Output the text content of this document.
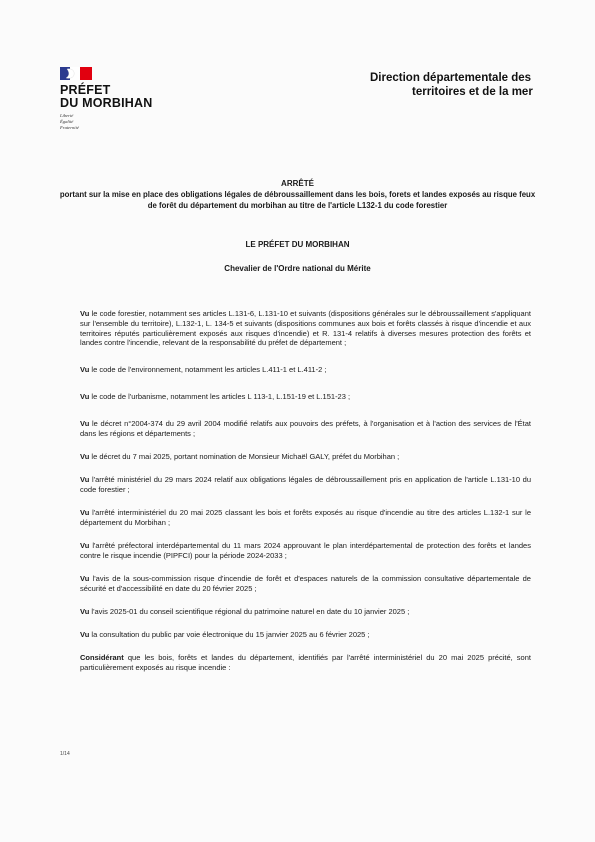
PRÉFET
DU MORBIHAN
Liberté
Égalité
Fraternité
Direction départementale des
territoires et de la mer
ARRÊTÉ
portant sur la mise en place des obligations légales de débroussaillement dans les bois, forets et landes exposés au risque feux de forêt du département du morbihan au titre de l'article L132-1 du code forestier
LE PRÉFET DU MORBIHAN
Chevalier de l'Ordre national du Mérite

Vu le code forestier, notamment ses articles L.131-6, L.131-10 et suivants (dispositions générales sur le débroussaillement s'appliquant sur l'ensemble du territoire), L.132-1, L. 134-5 et suivants (dispositions communes aux bois et forêts classés à risque d'incendie et aux territoires réputés particulièrement exposés aux risques d'incendie) et R. 131-4 relatifs à diverses mesures protection des forêts et landes contre l'incendie, relevant de la responsabilité du préfet de département ;

Vu le code de l'environnement, notamment les articles L.411-1 et L.411-2 ;

Vu le code de l'urbanisme, notamment les articles L 113-1, L.151-19 et L.151-23 ;

Vu le décret n°2004-374 du 29 avril 2004 modifié relatifs aux pouvoirs des préfets, à l'organisation et à l'action des services de l'État dans les régions et départements ;

Vu le décret du 7 mai 2025, portant nomination de Monsieur Michaël GALY, préfet du Morbihan ;

Vu l'arrêté ministériel du 29 mars 2024 relatif aux obligations légales de débroussaillement pris en application de l'article L.131-10 du code forestier ;

Vu l'arrêté interministériel du 20 mai 2025 classant les bois et forêts exposés au risque d'incendie au titre des articles L.132-1 sur le département du Morbihan ;

Vu l'arrêté préfectoral interdépartemental du 11 mars 2024 approuvant le plan interdépartemental de protection des forêts et landes contre le risque incendie (PIPFCI) pour la période 2024-2033 ;

Vu l'avis de la sous-commission risque d'incendie de forêt et d'espaces naturels de la commission consultative départementale de sécurité et d'accessibilité en date du 20 février 2025 ;

Vu l'avis 2025-01 du conseil scientifique régional du patrimoine naturel en date du 10 janvier 2025 ;

Vu la consultation du public par voie électronique du 15 janvier 2025 au 6 février 2025 ;

Considérant que les bois, forêts et landes du département, identifiés par l'arrêté interministériel du 20 mai 2025 précité, sont particulièrement exposés au risque incendie :

1/14
